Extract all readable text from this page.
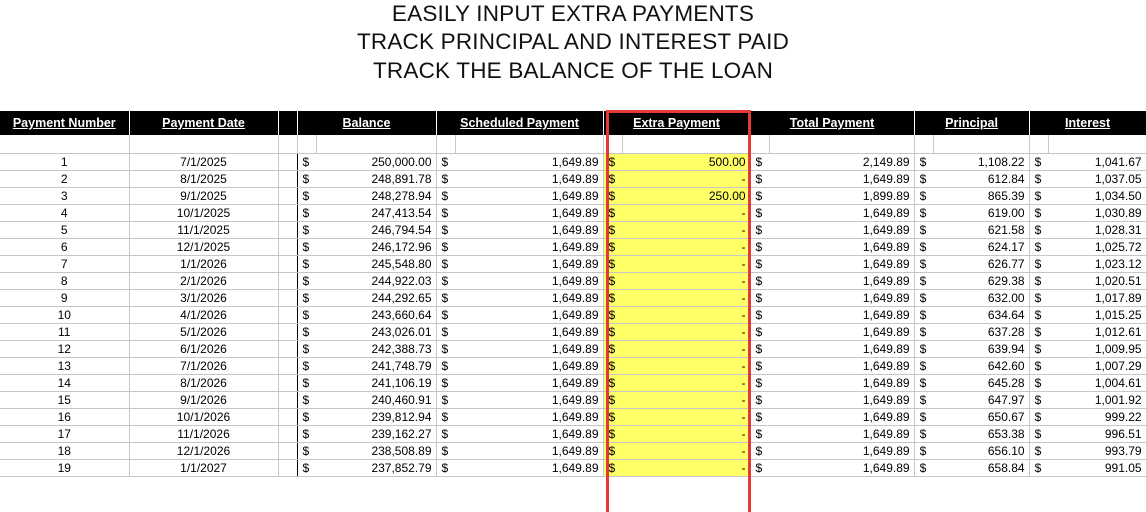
EASILY INPUT EXTRA PAYMENTS
TRACK PRINCIPAL AND INTEREST PAID
TRACK THE BALANCE OF THE LOAN
Payment Number	Payment Date		Balance		Scheduled Payment		Extra Payment		Total Payment		Principal		Interest	

1	7/1/2025		$	250,000.00	$	1,649.89	$	500.00	$	2,149.89	$	1,108.22	$	1,041.67
2	8/1/2025		$	248,891.78	$	1,649.89	$	-	$	1,649.89	$	612.84	$	1,037.05
3	9/1/2025		$	248,278.94	$	1,649.89	$	250.00	$	1,899.89	$	865.39	$	1,034.50
4	10/1/2025		$	247,413.54	$	1,649.89	$	-	$	1,649.89	$	619.00	$	1,030.89
5	11/1/2025		$	246,794.54	$	1,649.89	$	-	$	1,649.89	$	621.58	$	1,028.31
6	12/1/2025		$	246,172.96	$	1,649.89	$	-	$	1,649.89	$	624.17	$	1,025.72
7	1/1/2026		$	245,548.80	$	1,649.89	$	-	$	1,649.89	$	626.77	$	1,023.12
8	2/1/2026		$	244,922.03	$	1,649.89	$	-	$	1,649.89	$	629.38	$	1,020.51
9	3/1/2026		$	244,292.65	$	1,649.89	$	-	$	1,649.89	$	632.00	$	1,017.89
10	4/1/2026		$	243,660.64	$	1,649.89	$	-	$	1,649.89	$	634.64	$	1,015.25
11	5/1/2026		$	243,026.01	$	1,649.89	$	-	$	1,649.89	$	637.28	$	1,012.61
12	6/1/2026		$	242,388.73	$	1,649.89	$	-	$	1,649.89	$	639.94	$	1,009.95
13	7/1/2026		$	241,748.79	$	1,649.89	$	-	$	1,649.89	$	642.60	$	1,007.29
14	8/1/2026		$	241,106.19	$	1,649.89	$	-	$	1,649.89	$	645.28	$	1,004.61
15	9/1/2026		$	240,460.91	$	1,649.89	$	-	$	1,649.89	$	647.97	$	1,001.92
16	10/1/2026		$	239,812.94	$	1,649.89	$	-	$	1,649.89	$	650.67	$	999.22
17	11/1/2026		$	239,162.27	$	1,649.89	$	-	$	1,649.89	$	653.38	$	996.51
18	12/1/2026		$	238,508.89	$	1,649.89	$	-	$	1,649.89	$	656.10	$	993.79
19	1/1/2027		$	237,852.79	$	1,649.89	$	-	$	1,649.89	$	658.84	$	991.05
